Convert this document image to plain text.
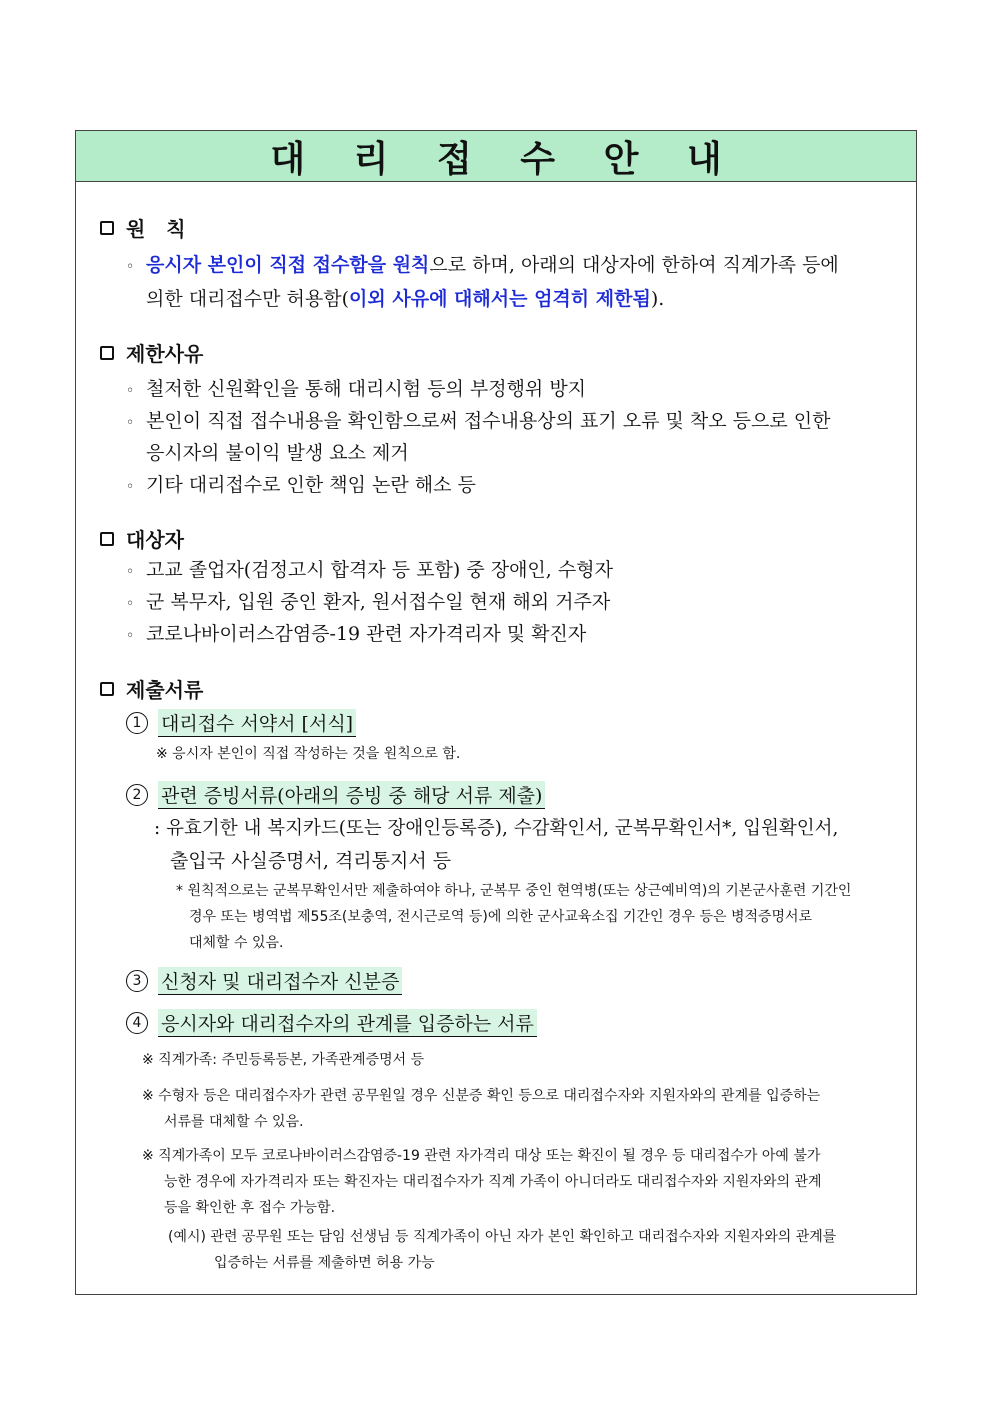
대 리 접 수 안 내
원   칙
◦ 응시자 본인이 직접 접수함을 원칙으로 하며, 아래의 대상자에 한하여 직계가족 등에
의한 대리접수만 허용함(이외 사유에 대해서는 엄격히 제한됨).
제한사유
◦ 철저한 신원확인을 통해 대리시험 등의 부정행위 방지
◦ 본인이 직접 접수내용을 확인함으로써 접수내용상의 표기 오류 및 착오 등으로 인한
응시자의 불이익 발생 요소 제거
◦ 기타 대리접수로 인한 책임 논란 해소 등
대상자
◦ 고교 졸업자(검정고시 합격자 등 포함) 중 장애인, 수형자
◦ 군 복무자, 입원 중인 환자, 원서접수일 현재 해외 거주자
◦ 코로나바이러스감염증-19 관련 자가격리자 및 확진자
제출서류
1	대리접수 서약서 [서식]
※ 응시자 본인이 직접 작성하는 것을 원칙으로 함.
2	관련 증빙서류(아래의 증빙 중 해당 서류 제출)
: 유효기한 내 복지카드(또는 장애인등록증), 수감확인서, 군복무확인서*, 입원확인서,
출입국 사실증명서, 격리통지서 등
* 원칙적으로는 군복무확인서만 제출하여야 하나, 군복무 중인 현역병(또는 상근예비역)의 기본군사훈련 기간인
경우 또는 병역법 제55조(보충역, 전시근로역 등)에 의한 군사교육소집 기간인 경우 등은 병적증명서로
대체할 수 있음.
3	신청자 및 대리접수자 신분증
4	응시자와 대리접수자의 관계를 입증하는 서류
※ 직계가족: 주민등록등본, 가족관계증명서 등
※ 수형자 등은 대리접수자가 관련 공무원일 경우 신분증 확인 등으로 대리접수자와 지원자와의 관계를 입증하는
서류를 대체할 수 있음.
※ 직계가족이 모두 코로나바이러스감염증-19 관련 자가격리 대상 또는 확진이 될 경우 등 대리접수가 아예 불가
능한 경우에 자가격리자 또는 확진자는 대리접수자가 직계 가족이 아니더라도 대리접수자와 지원자와의 관계
등을 확인한 후 접수 가능함.
(예시) 관련 공무원 또는 담임 선생님 등 직계가족이 아닌 자가 본인 확인하고 대리접수자와 지원자와의 관계를
입증하는 서류를 제출하면 허용 가능
